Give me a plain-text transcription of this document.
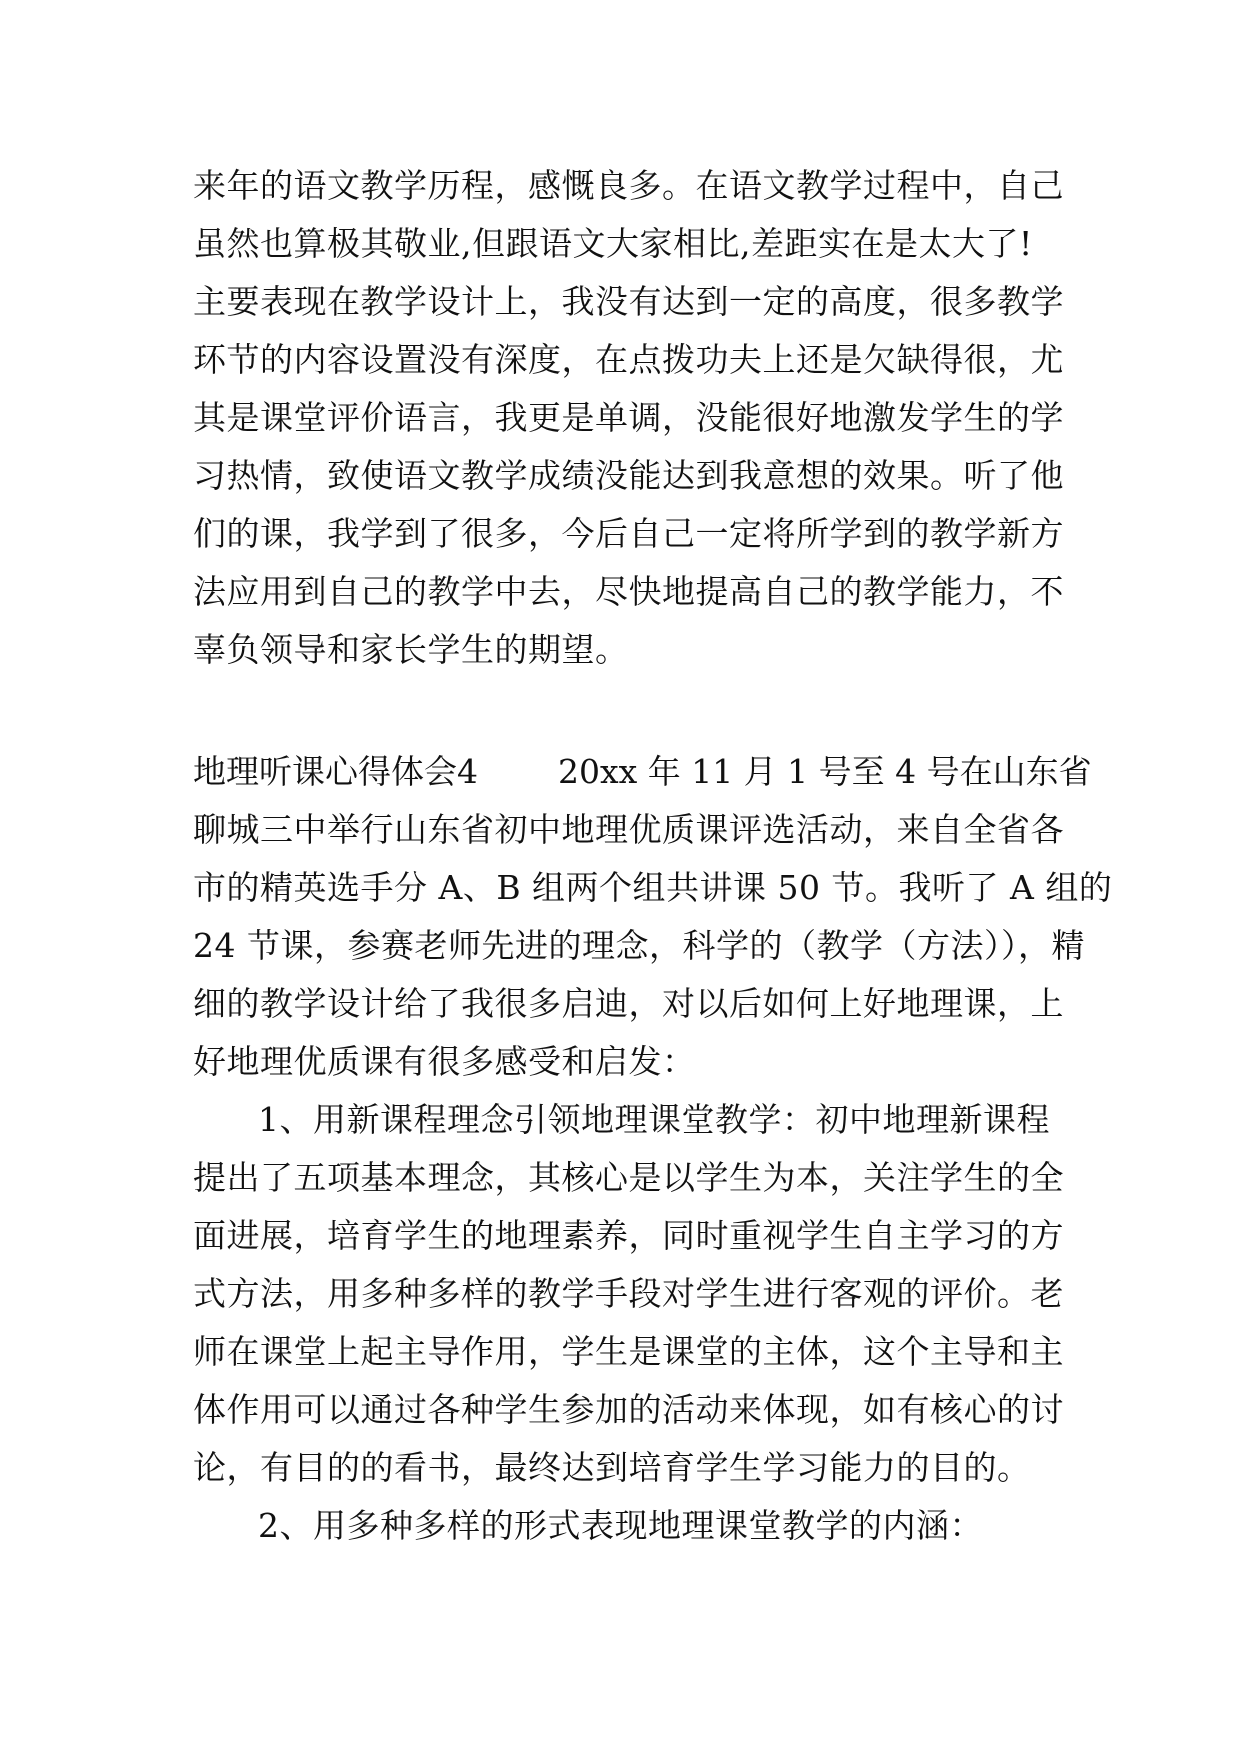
来年的语文教学历程，感慨良多。在语文教学过程中，自己
虽然也算极其敬业,但跟语文大家相比,差距实在是太大了!
主要表现在教学设计上，我没有达到一定的高度，很多教学
环节的内容设置没有深度，在点拨功夫上还是欠缺得很，尤
其是课堂评价语言，我更是单调，没能很好地激发学生的学
习热情，致使语文教学成绩没能达到我意想的效果。听了他
们的课，我学到了很多，今后自己一定将所学到的教学新方
法应用到自己的教学中去，尽快地提高自己的教学能力，不
辜负领导和家长学生的期望。
地理听课心得体会4 20xx 年 11 月 1 号至 4 号在山东省
聊城三中举行山东省初中地理优质课评选活动，来自全省各
市的精英选手分 A、B 组两个组共讲课 50 节。我听了 A 组的
24 节课，参赛老师先进的理念，科学的（教学（方法）），精
细的教学设计给了我很多启迪，对以后如何上好地理课，上
好地理优质课有很多感受和启发：
1、用新课程理念引领地理课堂教学：初中地理新课程
提出了五项基本理念，其核心是以学生为本，关注学生的全
面进展，培育学生的地理素养，同时重视学生自主学习的方
式方法，用多种多样的教学手段对学生进行客观的评价。老
师在课堂上起主导作用，学生是课堂的主体，这个主导和主
体作用可以通过各种学生参加的活动来体现，如有核心的讨
论，有目的的看书，最终达到培育学生学习能力的目的。
2、用多种多样的形式表现地理课堂教学的内涵：
